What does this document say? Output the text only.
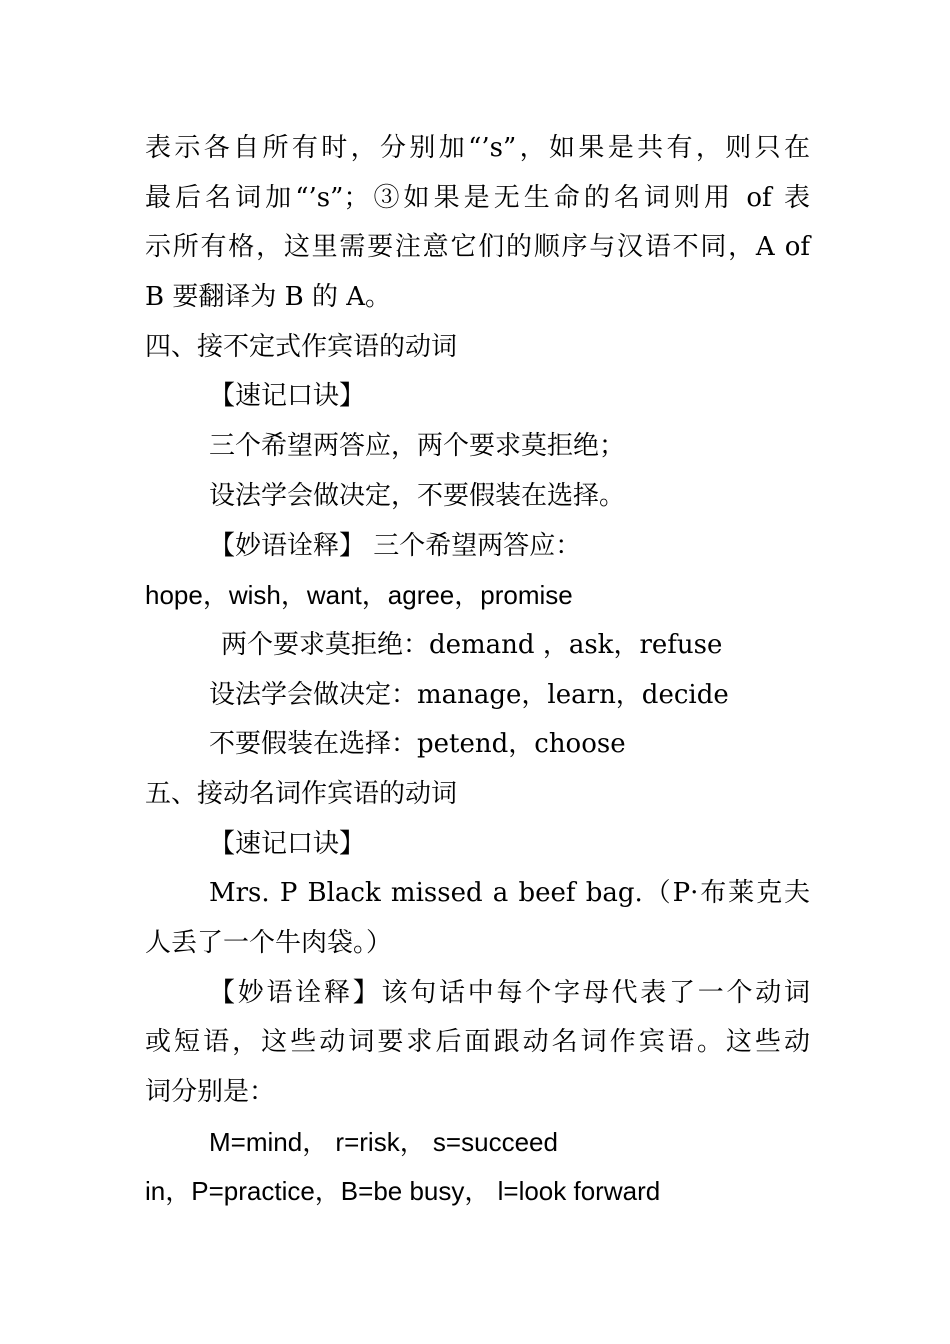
表示各自所有时，分别加“’s”，如果是共有，则只在
最后名词加“’s”；③如果是无生命的名词则用 of 表
示所有格，这里需要注意它们的顺序与汉语不同，A of
B 要翻译为 B 的 A。
四、接不定式作宾语的动词
【速记口诀】
三个希望两答应，两个要求莫拒绝；
设法学会做决定，不要假装在选择。
【妙语诠释】 三个希望两答应：
hope，wish，want，agree，promise
两个要求莫拒绝：demand ，ask，refuse
设法学会做决定：manage，learn，decide
不要假装在选择：petend，choose
五、接动名词作宾语的动词
【速记口诀】
Mrs. P Black missed a beef bag.（P·布莱克夫
人丢了一个牛肉袋。）
【妙语诠释】该句话中每个字母代表了一个动词
或短语，这些动词要求后面跟动名词作宾语。这些动
词分别是：
M=mind， r=risk， s=succeed
in，P=practice，B=be busy， l=look forward
